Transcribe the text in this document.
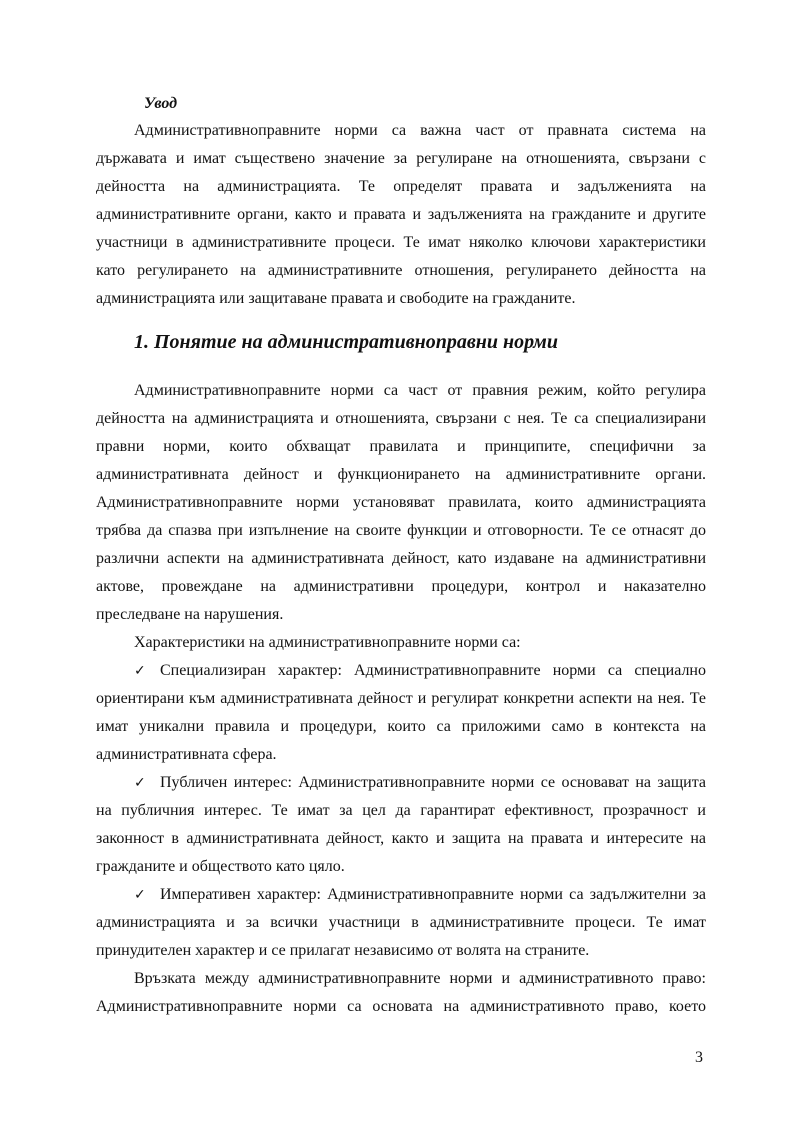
Увод
Административноправните норми са важна част от правната система на
държавата и имат съществено значение за регулиране на отношенията, свързани с
дейността на администрацията. Те определят правата и задълженията на
административните органи, както и правата и задълженията на гражданите и другите
участници в административните процеси. Те имат няколко ключови характеристики
като регулирането на административните отношения, регулирането дейността на
администрацията или защитаване правата и свободите на гражданите.
1. Понятие на административноправни норми
Административноправните норми са част от правния режим, който регулира
дейността на администрацията и отношенията, свързани с нея. Те са специализирани
правни норми, които обхващат правилата и принципите, специфични за
административната дейност и функционирането на административните органи.
Административноправните норми установяват правилата, които администрацията
трябва да спазва при изпълнение на своите функции и отговорности. Те се отнасят до
различни аспекти на административната дейност, като издаване на административни
актове, провеждане на административни процедури, контрол и наказателно
преследване на нарушения.
Характеристики на административноправните норми са:
✓ Специализиран характер: Административноправните норми са специално
ориентирани към административната дейност и регулират конкретни аспекти на нея. Те
имат уникални правила и процедури, които са приложими само в контекста на
административната сфера.
✓ Публичен интерес: Административноправните норми се основават на защита
на публичния интерес. Те имат за цел да гарантират ефективност, прозрачност и
законност в административната дейност, както и защита на правата и интересите на
гражданите и обществото като цяло.
✓ Императивен характер: Административноправните норми са задължителни за
администрацията и за всички участници в административните процеси. Те имат
принудителен характер и се прилагат независимо от волята на страните.
Връзката между административноправните норми и административното право:
Административноправните норми са основата на административното право, което
3
